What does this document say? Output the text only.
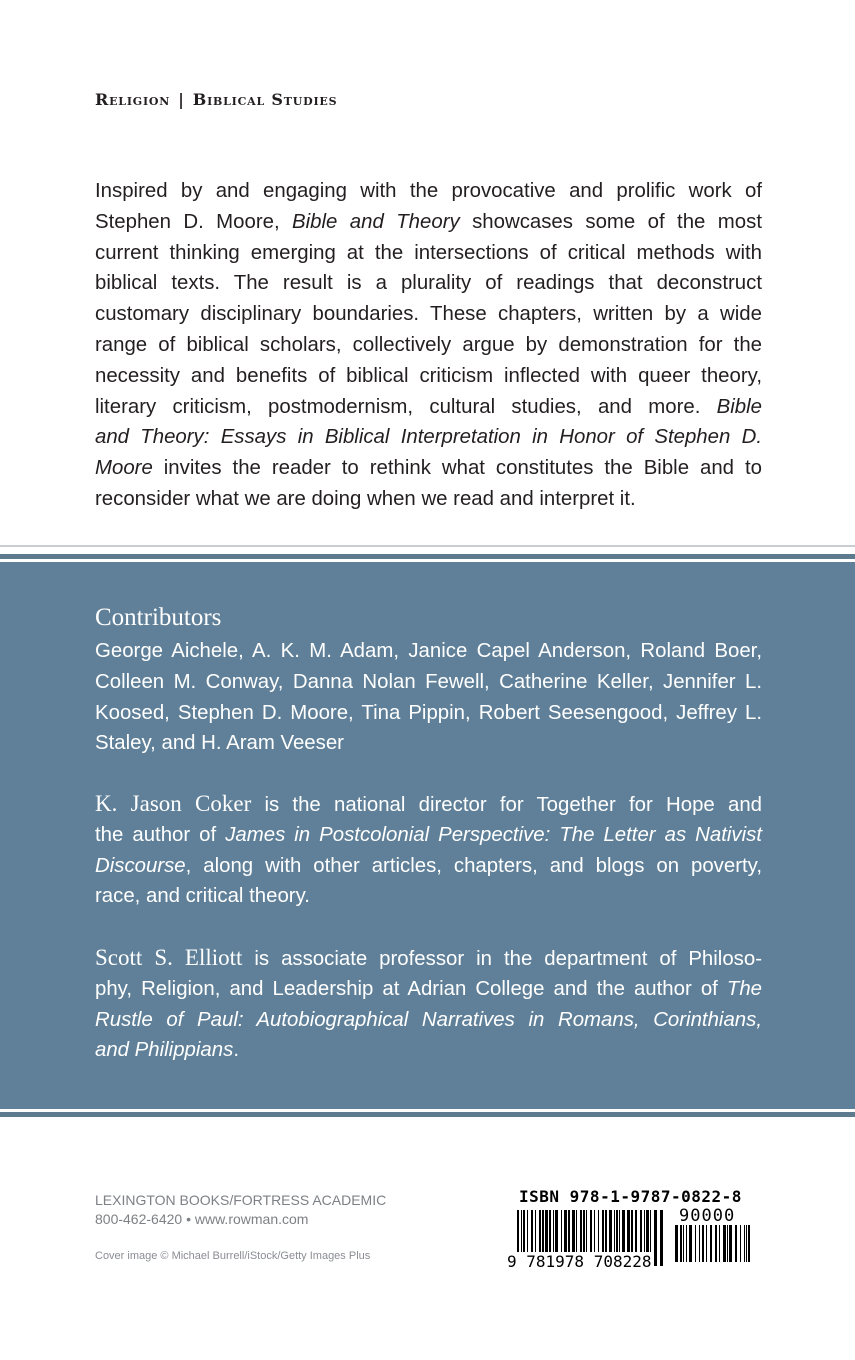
Religion | Biblical Studies
Inspired by and engaging with the provocative and prolific work of
Stephen D. Moore, Bible and Theory showcases some of the most
current thinking emerging at the intersections of critical methods with
biblical texts. The result is a plurality of readings that deconstruct
customary disciplinary boundaries. These chapters, written by a wide
range of biblical scholars, collectively argue by demonstration for the
necessity and benefits of biblical criticism inflected with queer theory,
literary criticism, postmodernism, cultural studies, and more. Bible
and Theory: Essays in Biblical Interpretation in Honor of Stephen D.
Moore invites the reader to rethink what constitutes the Bible and to
reconsider what we are doing when we read and interpret it.
Contributors
George Aichele, A. K. M. Adam, Janice Capel Anderson, Roland Boer,
Colleen M. Conway, Danna Nolan Fewell, Catherine Keller, Jennifer L.
Koosed, Stephen D. Moore, Tina Pippin, Robert Seesengood, Jeffrey L.
Staley, and H. Aram Veeser
K. Jason Coker is the national director for Together for Hope and
the author of James in Postcolonial Perspective: The Letter as Nativist
Discourse, along with other articles, chapters, and blogs on poverty,
race, and critical theory.
Scott S. Elliott is associate professor in the department of Philoso-
phy, Religion, and Leadership at Adrian College and the author of The
Rustle of Paul: Autobiographical Narratives in Romans, Corinthians,
and Philippians.
LEXINGTON BOOKS/FORTRESS ACADEMIC
800-462-6420 • www.rowman.com
Cover image © Michael Burrell/iStock/Getty Images Plus
ISBN 978-1-9787-0822-8
90000
9 781978 708228
